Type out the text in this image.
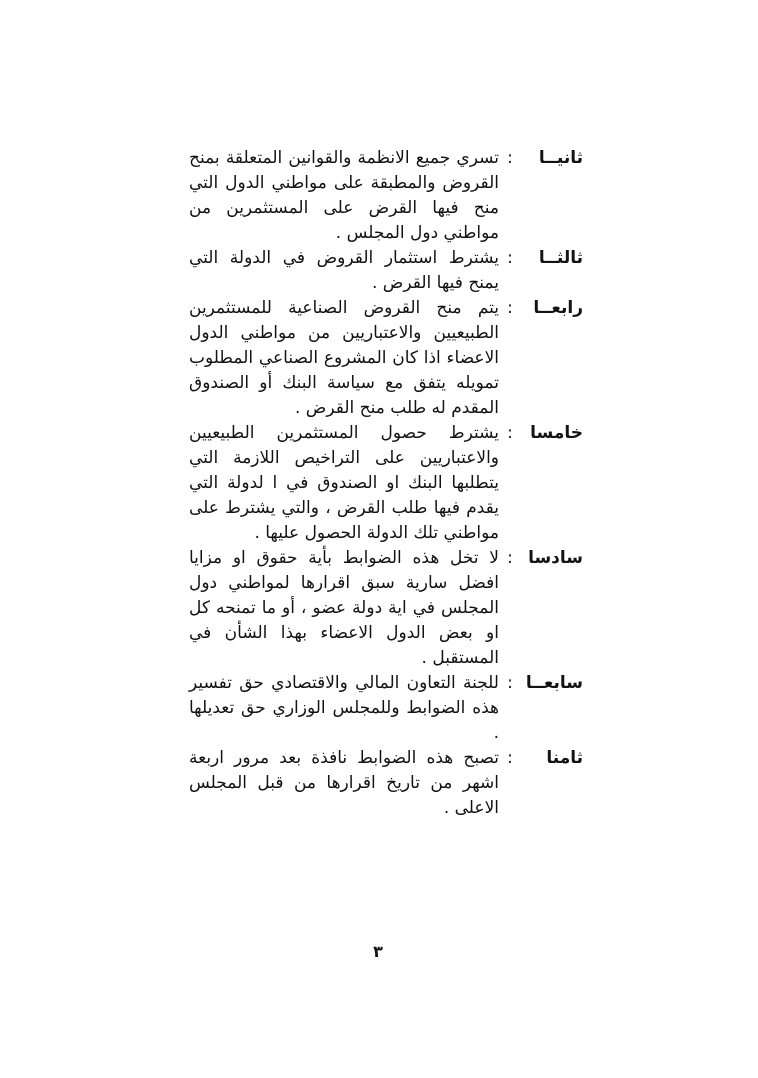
ثانيــا
:
تسري جميع الانظمة والقوانين المتعلقة بمنح القروض والمطبقة على مواطني الدول التي منح فيها القرض على المستثمرين من مواطني دول المجلس .
ثالثــا
:
يشترط استثمار القروض في الدولة التي يمنح فيها القرض .
رابعــا
:
يتم منح القروض الصناعية للمستثمرين الطبيعيين والاعتباريين من مواطني الدول الاعضاء اذا كان المشروع الصناعي المطلوب تمويله يتفق مع سياسة البنك أو الصندوق المقدم له طلب منح القرض .
خامسا
:
يشترط حصول المستثمرين الطبيعيين والاعتباريين على التراخيص اللازمة التي يتطلبها البنك او الصندوق في ا لدولة التي يقدم فيها طلب القرض ، والتي يشترط على مواطني تلك الدولة الحصول عليها .
سادسا
:
لا تخل هذه الضوابط بأية حقوق او مزايا افضل سارية سبق اقرارها لمواطني دول المجلس في اية دولة عضو ، أو ما تمنحه كل او بعض الدول الاعضاء بهذا الشأن في المستقبل .
سابعــا
:
للجنة التعاون المالي والاقتصادي حق تفسير هذه الضوابط وللمجلس الوزاري حق تعديلها .
ثامنا
:
تصبح هذه الضوابط نافذة بعد مرور اربعة اشهر من تاريخ اقرارها من قبل المجلس الاعلى .
٣
